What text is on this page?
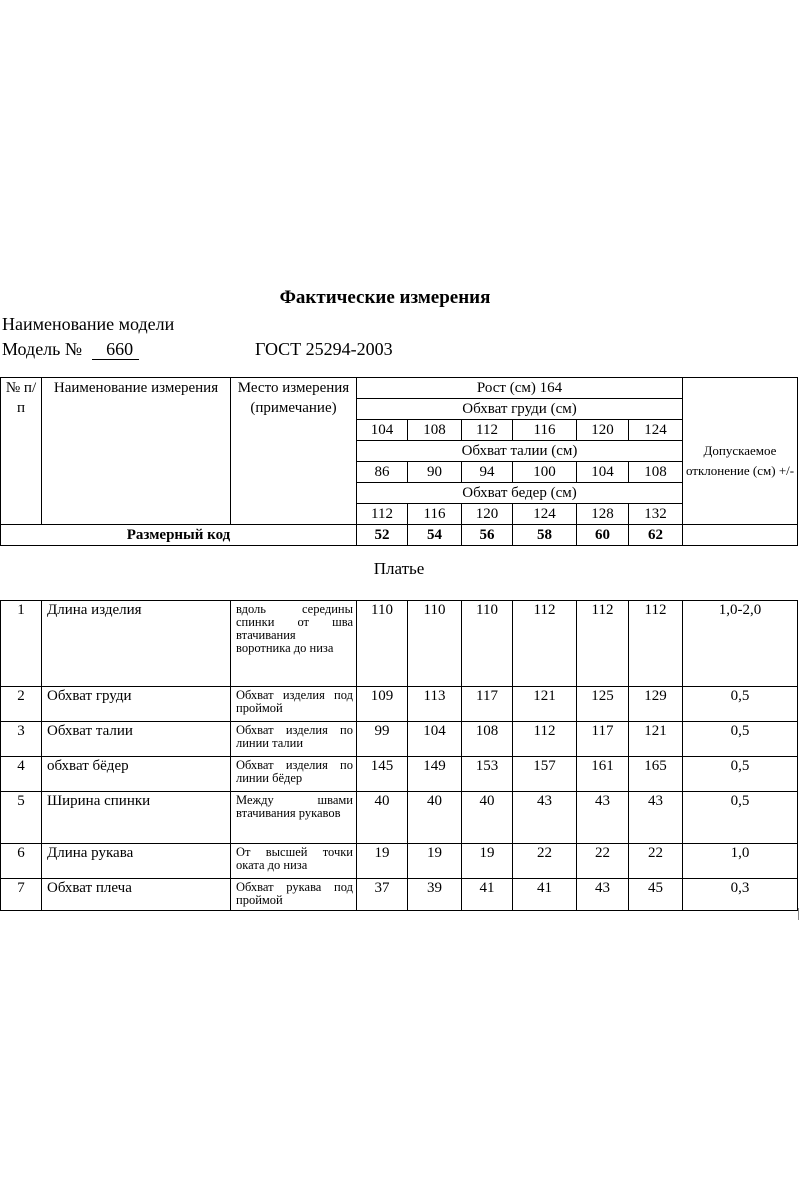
Фактические измерения
Наименование модели
Модель № 660	ГОСТ 25294-2003
№ п/п	Наименование измерения	Место измерения (примечание)	Рост (см) 164						
			Обхват груди (см)						Допускаемое отклонение (см) +/-
			104	108	112	116	120	124	
			Обхват талии (см)						
			86	90	94	100	104	108	
			Обхват бедер (см)						
			112	116	120	124	128	132	
Размерный код			52	54	56	58	60	62	
Платье									
1	Длина изделия	вдоль середины спинки от шва втачивания воротника до низа	110	110	110	112	112	112	1,0-2,0
2	Обхват груди	Обхват изделия под проймой	109	113	117	121	125	129	0,5
3	Обхват талии	Обхват изделия по линии талии	99	104	108	112	117	121	0,5
4	обхват бёдер	Обхват изделия по линии бёдер	145	149	153	157	161	165	0,5
5	Ширина спинки	Между швами втачивания рукавов	40	40	40	43	43	43	0,5
6	Длина рукава	От высшей точки оката до низа	19	19	19	22	22	22	1,0
7	Обхват плеча	Обхват рукава под проймой	37	39	41	41	43	45	0,3
